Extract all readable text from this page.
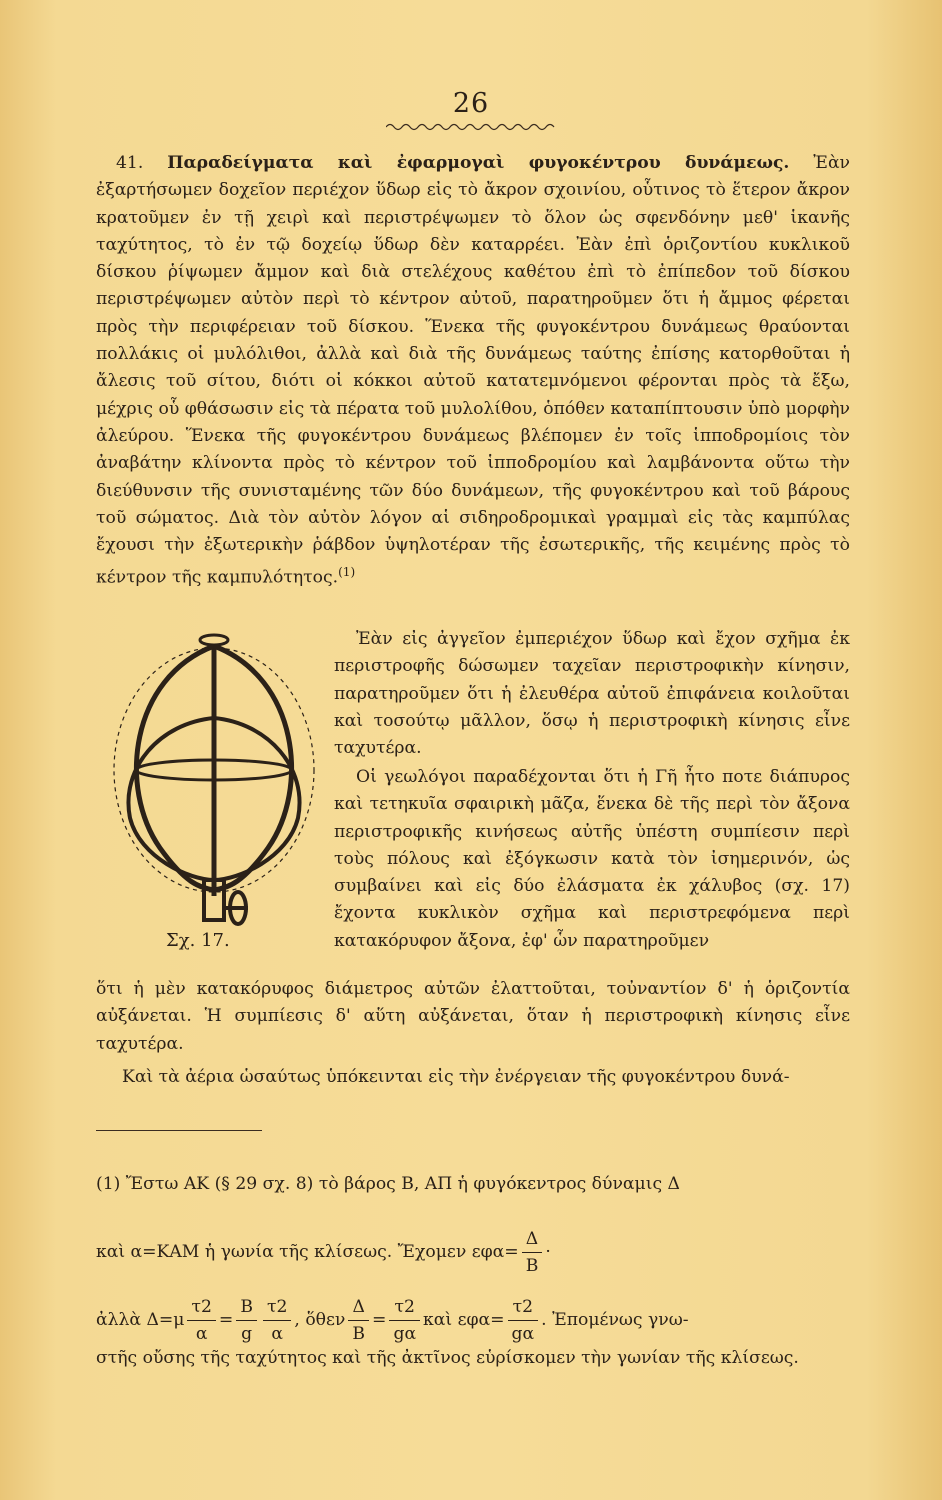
26

41. Παραδείγματα καὶ ἐφαρμογαὶ φυγοκέντρου δυνάμεως. Ἐὰν ἐξαρτήσωμεν δοχεῖον περιέχον ὕδωρ εἰς τὸ ἄκρον σχοινίου, οὗτινος τὸ ἕτερον ἄκρον κρατοῦμεν ἐν τῇ χειρὶ καὶ περιστρέψωμεν τὸ ὅλον ὡς σφενδόνην μεθ' ἱκανῆς ταχύτητος, τὸ ἐν τῷ δοχείῳ ὕδωρ δὲν καταρρέει. Ἐὰν ἐπὶ ὁριζοντίου κυκλικοῦ δίσκου ῥίψωμεν ἄμμον καὶ διὰ στελέχους καθέτου ἐπὶ τὸ ἐπίπεδον τοῦ δίσκου περιστρέψωμεν αὐτὸν περὶ τὸ κέντρον αὐτοῦ, παρατηροῦμεν ὅτι ἡ ἄμμος φέρεται πρὸς τὴν περιφέρειαν τοῦ δίσκου. Ἕνεκα τῆς φυγοκέντρου δυνάμεως θραύονται πολλάκις οἱ μυλόλιθοι, ἀλλὰ καὶ διὰ τῆς δυνάμεως ταύτης ἐπίσης κατορθοῦται ἡ ἄλεσις τοῦ σίτου, διότι οἱ κόκκοι αὐτοῦ κατατεμνόμενοι φέρονται πρὸς τὰ ἔξω, μέχρις οὗ φθάσωσιν εἰς τὰ πέρατα τοῦ μυλολίθου, ὁπόθεν καταπίπτουσιν ὑπὸ μορφὴν ἀλεύρου. Ἕνεκα τῆς φυγοκέντρου δυνάμεως βλέπομεν ἐν τοῖς ἱπποδρομίοις τὸν ἀναβάτην κλίνοντα πρὸς τὸ κέντρον τοῦ ἱπποδρομίου καὶ λαμβάνοντα οὕτω τὴν διεύθυνσιν τῆς συνισταμένης τῶν δύο δυνάμεων, τῆς φυγοκέντρου καὶ τοῦ βάρους τοῦ σώματος. Διὰ τὸν αὐτὸν λόγον αἱ σιδηροδρομικαὶ γραμμαὶ εἰς τὰς καμπύλας ἔχουσι τὴν ἐξωτερικὴν ῥάβδον ὑψηλοτέραν τῆς ἐσωτερικῆς, τῆς κειμένης πρὸς τὸ κέντρον τῆς καμπυλότητος.$^{(1)}$

Ἐὰν εἰς ἀγγεῖον ἐμπεριέχον ὕδωρ καὶ ἔχον σχῆμα ἐκ περιστροφῆς δώσωμεν ταχεῖαν περιστροφικὴν κίνησιν, παρατηροῦμεν ὅτι ἡ ἐλευθέρα αὐτοῦ ἐπιφάνεια κοιλοῦται καὶ τοσούτῳ μᾶλλον, ὅσῳ ἡ περιστροφικὴ κίνησις εἶνε ταχυτέρα.

Οἱ γεωλόγοι παραδέχονται ὅτι ἡ Γῆ ἦτο ποτε διάπυρος καὶ τετηκυῖα σφαιρικὴ μᾶζα, ἕνεκα δὲ τῆς περὶ τὸν ἄξονα περιστροφικῆς κινήσεως αὐτῆς ὑπέστη συμπίεσιν περὶ τοὺς πόλους καὶ ἐξόγκωσιν κατὰ τὸν ἰσημερινόν, ὡς συμβαίνει καὶ εἰς δύο ἐλάσματα ἐκ χάλυβος (σχ. 17) ἔχοντα κυκλικὸν σχῆμα καὶ περιστρεφόμενα περὶ κατακόρυφον ἄξονα, ἐφ' ὧν παρατηροῦμεν

Σχ. 17.

ὅτι ἡ μὲν κατακόρυφος διάμετρος αὐτῶν ἐλαττοῦται, τοὐναντίον δ' ἡ ὁριζοντία αὐξάνεται. Ἡ συμπίεσις δ' αὕτη αὐξάνεται, ὅταν ἡ περιστροφικὴ κίνησις εἶνε ταχυτέρα.

Καὶ τὰ ἀέρια ὡσαύτως ὑπόκεινται εἰς τὴν ἐνέργειαν τῆς φυγοκέντρου δυνά-

(1) Ἔστω ΑΚ (§ 29 σχ. 8) τὸ βάρος Β, ΑΠ ἡ φυγόκεντρος δύναμις Δ

καὶ α=ΚΑΜ ἡ γωνία τῆς κλίσεως. Ἔχομεν $\varepsilon\varphi\alpha= \frac{\Delta}{B}$ ·

ἀλλὰ $\Delta=\mu \frac{\tau 2}{\alpha} = \frac{B}{g} \frac{\tau 2}{\alpha}$ , ὅθεν $\frac{\Delta}{B} = \frac{\tau 2}{g\alpha}$ καὶ $\varepsilon\varphi\alpha= \frac{\tau 2}{g\alpha}$ . Ἐπομένως γνω-

στῆς οὔσης τῆς ταχύτητος καὶ τῆς ἀκτῖνος εὑρίσκομεν τὴν γωνίαν τῆς κλίσεως.
